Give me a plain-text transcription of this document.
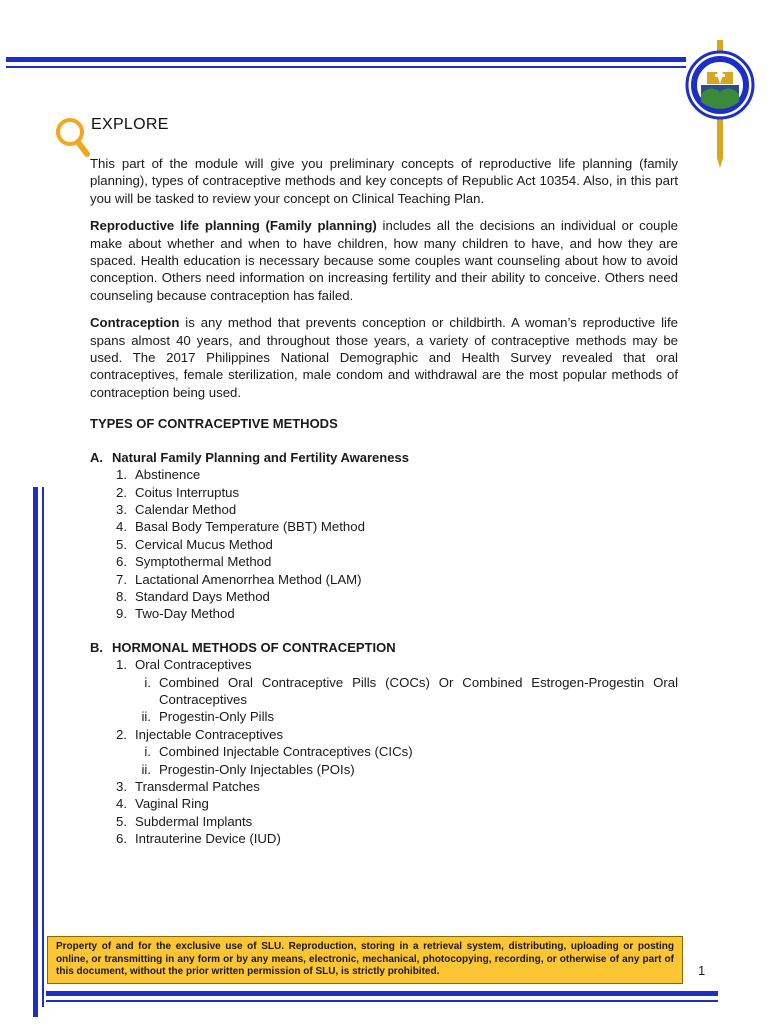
EXPLORE

This part of the module will give you preliminary concepts of reproductive life planning (family planning), types of contraceptive methods and key concepts of Republic Act 10354. Also, in this part you will be tasked to review your concept on Clinical Teaching Plan.

Reproductive life planning (Family planning) includes all the decisions an individual or couple make about whether and when to have children, how many children to have, and how they are spaced. Health education is necessary because some couples want counseling about how to avoid conception. Others need information on increasing fertility and their ability to conceive. Others need counseling because contraception has failed.

Contraception is any method that prevents conception or childbirth. A woman’s reproductive life spans almost 40 years, and throughout those years, a variety of contraceptive methods may be used. The 2017 Philippines National Demographic and Health Survey revealed that oral contraceptives, female sterilization, male condom and withdrawal are the most popular methods of contraception being used.

TYPES OF CONTRACEPTIVE METHODS
A. Natural Family Planning and Fertility Awareness
1. Abstinence
2. Coitus Interruptus
3. Calendar Method
4. Basal Body Temperature (BBT) Method
5. Cervical Mucus Method
6. Symptothermal Method
7. Lactational Amenorrhea Method (LAM)
8. Standard Days Method
9. Two-Day Method
B. HORMONAL METHODS OF CONTRACEPTION
1. Oral Contraceptives
i. Combined Oral Contraceptive Pills (COCs) Or Combined Estrogen-Progestin Oral Contraceptives
ii. Progestin-Only Pills
2. Injectable Contraceptives
i. Combined Injectable Contraceptives (CICs)
ii. Progestin-Only Injectables (POIs)
3. Transdermal Patches
4. Vaginal Ring
5. Subdermal Implants
6. Intrauterine Device (IUD)
Property of and for the exclusive use of SLU. Reproduction, storing in a retrieval system, distributing, uploading or posting online, or transmitting in any form or by any means, electronic, mechanical, photocopying, recording, or otherwise of any part of this document, without the prior written permission of SLU, is strictly prohibited.	1
